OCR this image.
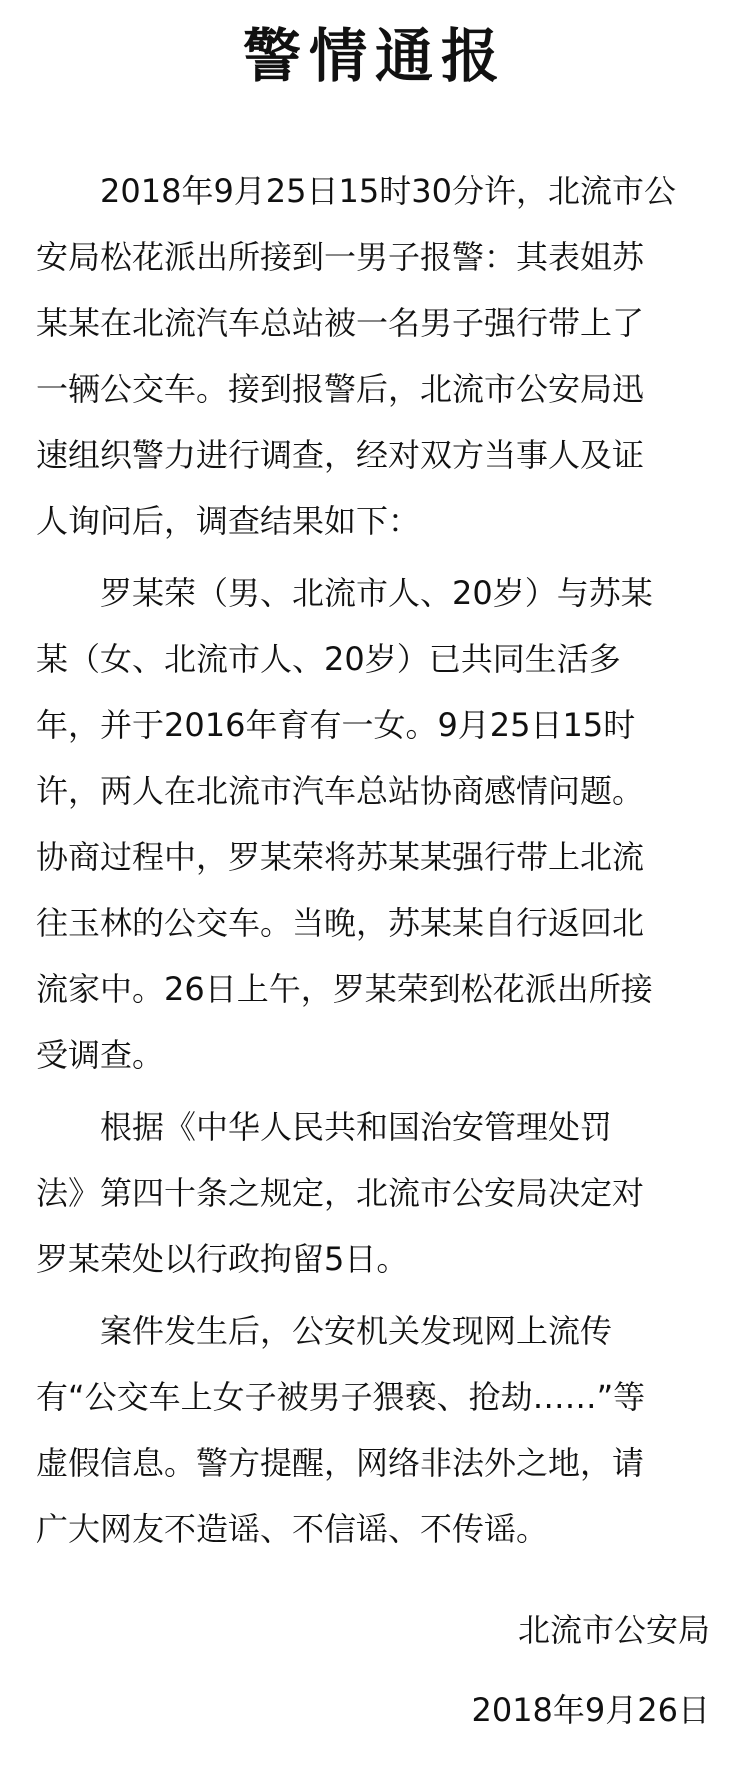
警情通报
2018年9月25日15时30分许，北流市公
安局松花派出所接到一男子报警：其表姐苏
某某在北流汽车总站被一名男子强行带上了
一辆公交车。接到报警后，北流市公安局迅
速组织警力进行调查，经对双方当事人及证
人询问后，调查结果如下：
罗某荣（男、北流市人、20岁）与苏某
某（女、北流市人、20岁）已共同生活多
年，并于2016年育有一女。9月25日15时
许，两人在北流市汽车总站协商感情问题。
协商过程中，罗某荣将苏某某强行带上北流
往玉林的公交车。当晚，苏某某自行返回北
流家中。26日上午，罗某荣到松花派出所接
受调查。
根据《中华人民共和国治安管理处罚
法》第四十条之规定，北流市公安局决定对
罗某荣处以行政拘留5日。
案件发生后，公安机关发现网上流传
有“公交车上女子被男子猥亵、抢劫……”等
虚假信息。警方提醒，网络非法外之地，请
广大网友不造谣、不信谣、不传谣。
北流市公安局
2018年9月26日
